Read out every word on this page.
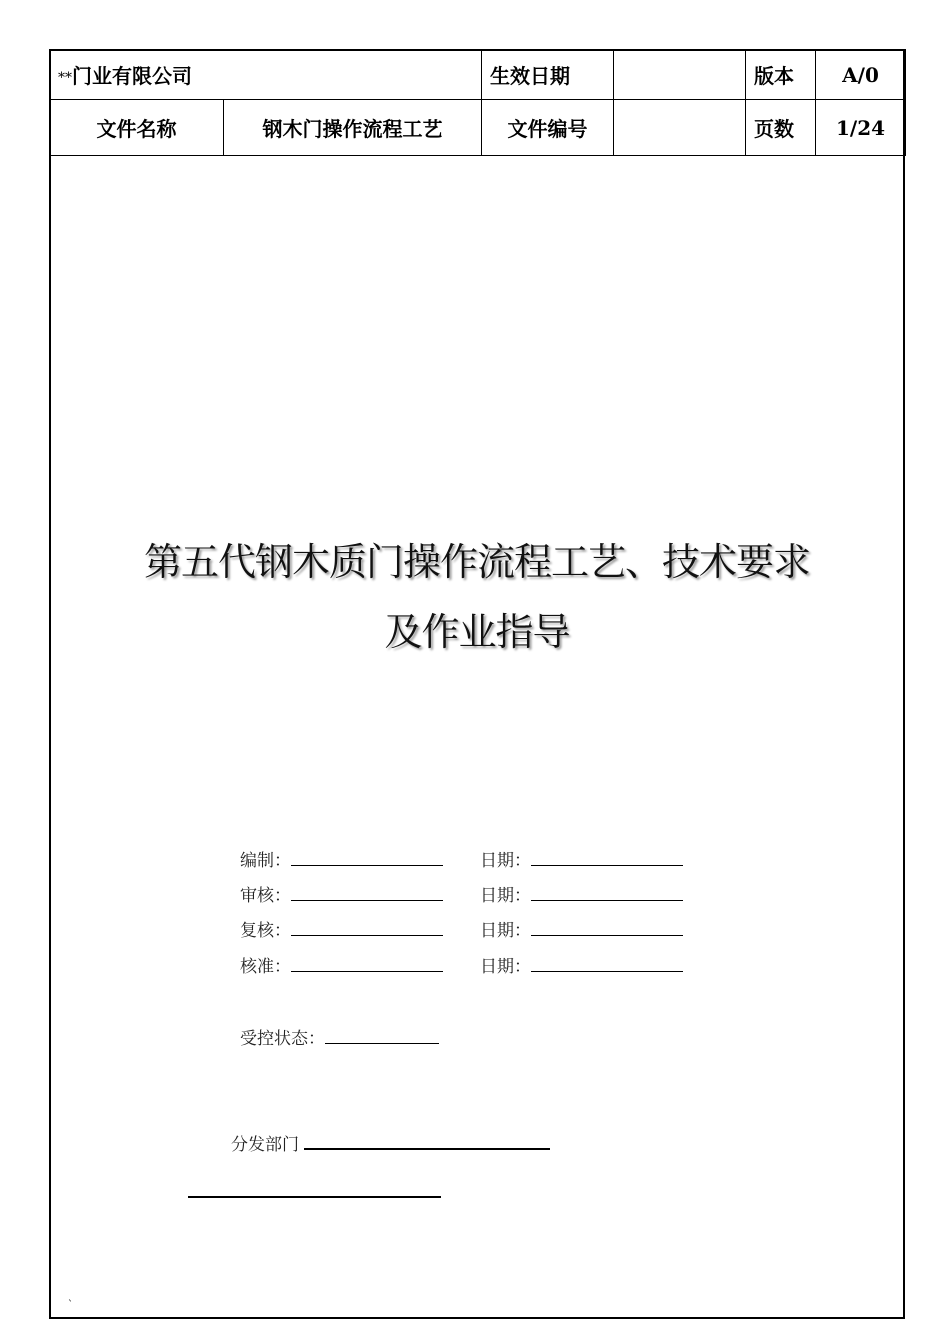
**门业有限公司		生效日期		版本	A/0
文件名称	钢木门操作流程工艺	文件编号		页数	1/24
第五代钢木质门操作流程工艺、技术要求
及作业指导
编制：	日期：
审核：	日期：
复核：	日期：
核准：	日期：
受控状态：
分发部门
`
